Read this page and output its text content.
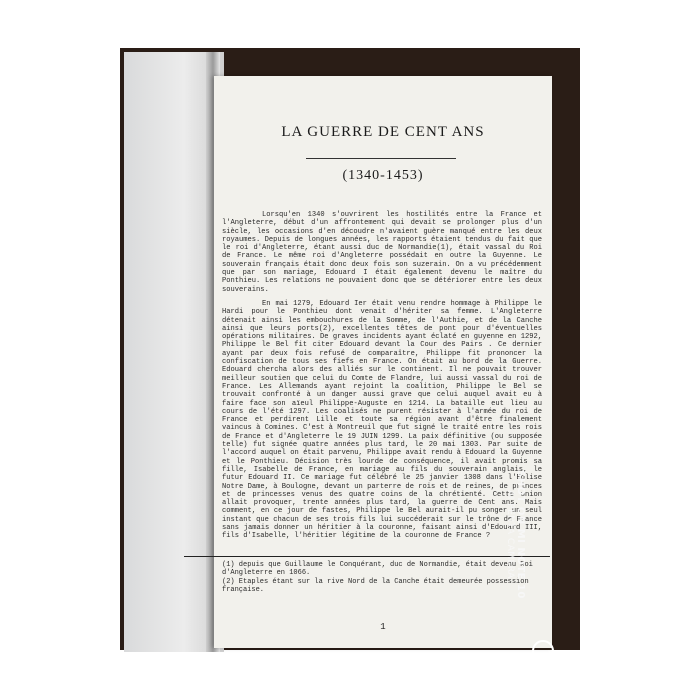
LA GUERRE DE CENT ANS
(1340-1453)

Lorsqu'en 1340 s'ouvrirent les hostilités entre la France et l'Angleterre, début d'un affrontement qui devait se prolonger plus d'un siècle, les occasions d'en découdre n'avaient guère manqué entre les deux royaumes. Depuis de longues années, les rapports étaient tendus du fait que le roi d'Angleterre, étant aussi duc de Normandie(1), était vassal du Roi de France. Le même roi d'Angleterre possédait en outre la Guyenne. Le souverain français était donc deux fois son suzerain. On a vu précédemment que par son mariage, Edouard I était également devenu le maître du Ponthieu. Les relations ne pouvaient donc que se détériorer entre les deux souverains.

En mai 1279, Edouard Ier était venu rendre hommage à Philippe le Hardi pour le Ponthieu dont venait d'hériter sa femme. L'Angleterre détenait ainsi les embouchures de la Somme, de l'Authie, et de la Canche ainsi que leurs ports(2), excellentes têtes de pont pour d'éventuelles opérations militaires. De graves incidents ayant éclaté en guyenne en 1292, Philippe le Bel fit citer Edouard devant la Cour des Pairs . Ce dernier ayant par deux fois refusé de comparaître, Philippe fit prononcer la confiscation de tous ses fiefs en France. On était au bord de la Guerre. Edouard chercha alors des alliés sur le continent. Il ne pouvait trouver meilleur soutien que celui du Comte de Flandre, lui aussi vassal du roi de France. Les Allemands ayant rejoint la coalition, Philippe le Bel se trouvait confronté à un danger aussi grave que celui auquel avait eu à faire face son aïeul Philippe-Auguste en 1214. La bataille eut lieu au cours de l'été 1297. Les coalisés ne purent résister à l'armée du roi de France et perdirent Lille et toute sa région avant d'être finalement vaincus à Comines. C'est à Montreuil que fut signé le traité entre les rois de France et d'Angleterre le 19 JUIN 1299. La paix définitive (ou supposée telle) fut signée quatre années plus tard, le 20 mai 1303. Par suite de l'accord auquel on était parvenu, Philippe avait rendu à Edouard la Guyenne et le Ponthieu. Décision très lourde de conséquence, il avait promis sa fille, Isabelle de France, en mariage au fils du souverain anglais, le futur Edouard II. Ce mariage fut célébré le 25 janvier 1308 dans l'Eglise Notre Dame, à Boulogne, devant un parterre de rois et de reines, de princes et de princesses venus des quatre coins de la chrétienté. Cette union allait provoquer, trente années plus tard, la guerre de Cent ans. Mais comment, en ce jour de fastes, Philippe le Bel aurait-il pu songer un seul instant que chacun de ses trois fils lui succéderait sur le trône de France sans jamais donner un héritier à la couronne, faisant ainsi d'Edouard III, fils d'Isabelle, l'héritier légitime de la couronne de France ?

(1) depuis que Guillaume le Conquérant, duc de Normandie, était devenu Roi d'Angleterre en 1066.

(2) Etaples étant sur la rive Nord de la Canche était demeurée possession française.

1
SHOT ON MI NOTE 10
AI PENTA CAMERA
